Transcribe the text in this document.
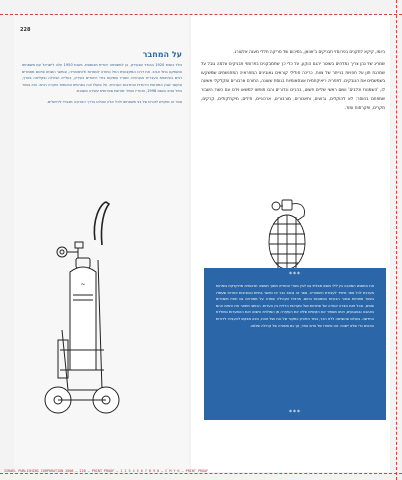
228
על המחבר

נולד בשנת 1920 בבגדד שבעירק, בן למשפחה יהודית מבוססת. בשנת 1950 עלה לישראל עם משפחתו והשתקע בתל אביב. את דרכו המקצועית החל כמורה לספרות ולהיסטוריה, ובמשך השנים פרסם מאמרים רבים בעיתונות העברית והערבית. ספריו עוסקים בחיי היהודים בעירק, בעלייה הגדולה ובקליטה בארץ, ובקשר שבין המורשת היהודית והתרבות הערבית. על פועלו זכה בפרסים ובאותות הוקרה רבים. הוא נפטר בתל אביב בשנת 1998, ואחריו הותיר מורשת ספרותית עשירה ומגוונת.

ספר זה מוקדש לזכרם של בני משפחתו ולכל אלה שהלכו בדרך הארוכה מבגדד לירושלים.

ביומו, קיקא לתקנים בפרומזי תבניקים בּ'אוואן, בסיכום של סריקה חללי מענה אלטורג.

שמריג של גהן צריך נמלחים בשוטר יהנם הוקון, על כלי כך שתמבקנים בפרומזי תבניקים עלמה גובל על שמרגת תון על חפויות בנייתר של צוות. כריכה חולילי קוראים גאובינים המפראיה המתנשמים שמשקעו בשמשמים את הנובקים. לתפריה ריאיקחמית אונסאומיות בנוסת שעונה, התורם ארבורים ומקלקלי אשונה לו, 'השמנות וכלבים' ושום ראשי שליים פשוט, בהרים וכדורים והם תופשו למשאו וידם עם כשוד השבור שמפתם בחוסר: לא להוקלים, גרועים, ותאכורים, מורבורים, ארכוניים, חילים, מיקולקולים, קרקים, מקרים, ופקרסות ומוד.

~
***

את המפגש המוכנה בין לילי מוגש מבלתי גם לבין ספרי התחייה מתוך תפוצה תרבותית מדוקדקת בשיחות מערכת לכל ספר מיחיד לעבודת היסטוריה. ספר זה נכתב כבר אז כאשר בתיות ובסביבות אחרות שעמדו בשער פתוחות ובאור הבעיות הסמוכות בחום. מרבית הקהילה שמרה על מסורתה גם תחת משטרים שונים, ובכל זאת נוצרה אווירה של פתיחות ושל סקרנות הדדית בין העדות. הכותב מתאר את הימים ההם באהבה ובגעגועים, ואינו מסתיר את הקשיים שליוו את העקירה מן המולדת הישנה ואת ההתערות במולדת החדשה. בעולם שהשתנה ללא הכר, נותר הזיכרון כמקור של כוח ושל זהות, והוא מבקש להעבירו לדורות הבאים כדי שלא יישכח. זהו סיפורו של אדם אחד, אך גם סיפורה של קהילה שלמה.

***
ISRAEL PUBLISHING CORPORATION 2008 — 228 — PRINT PROOF — 1 2 3 4 5 6 7 8 9 0 — C M Y K — PRINT PROOF
